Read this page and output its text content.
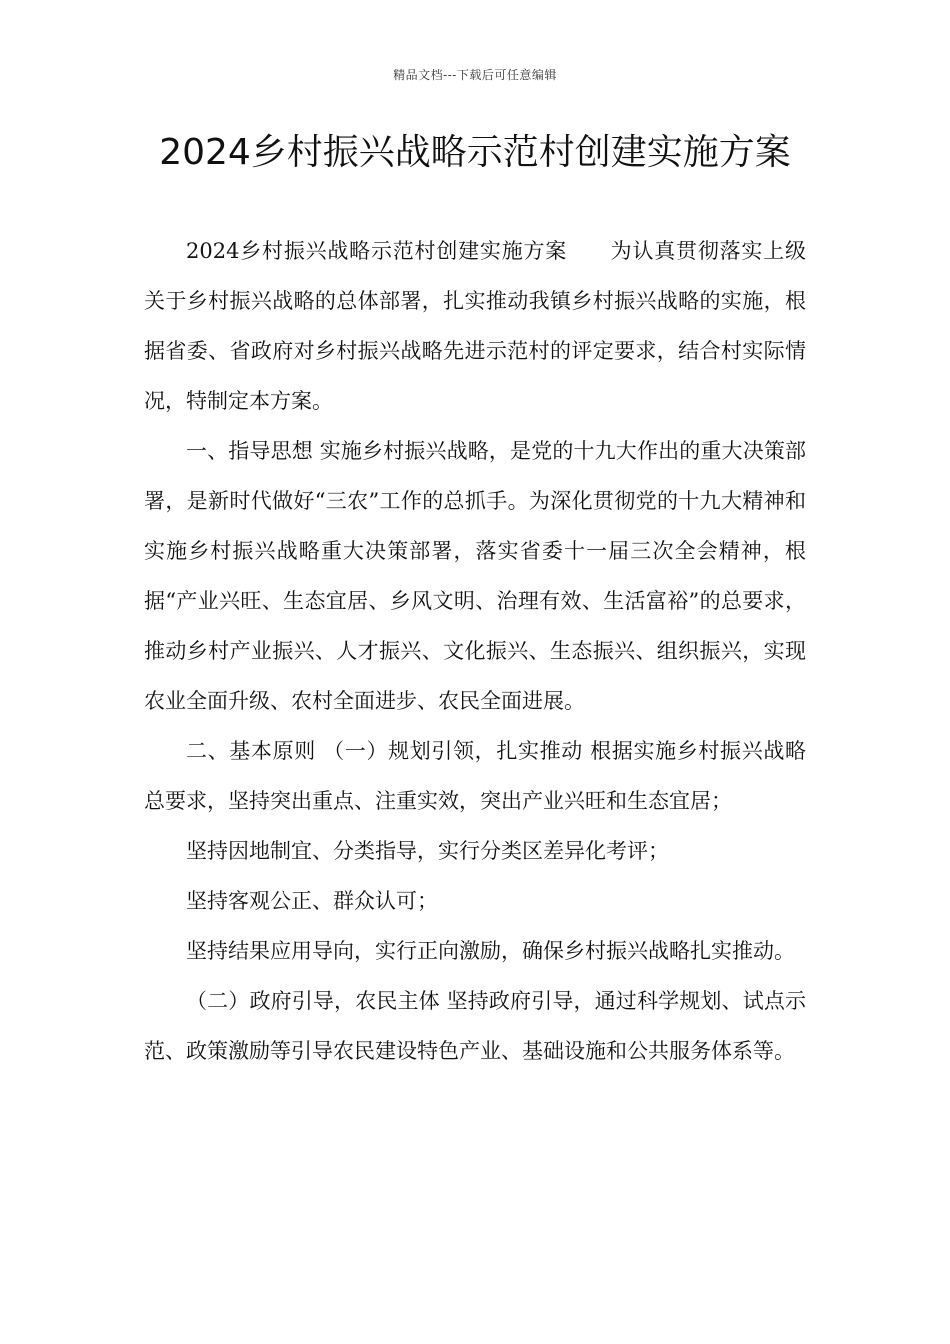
精品文档---下载后可任意编辑
2024乡村振兴战略示范村创建实施方案

2024乡村振兴战略示范村创建实施方案　　为认真贯彻落实上级关于乡村振兴战略的总体部署，扎实推动我镇乡村振兴战略的实施，根据省委、省政府对乡村振兴战略先进示范村的评定要求，结合村实际情况，特制定本方案。

一、指导思想 实施乡村振兴战略，是党的十九大作出的重大决策部署，是新时代做好“三农”工作的总抓手。为深化贯彻党的十九大精神和实施乡村振兴战略重大决策部署，落实省委十一届三次全会精神，根据“产业兴旺、生态宜居、乡风文明、治理有效、生活富裕”的总要求，推动乡村产业振兴、人才振兴、文化振兴、生态振兴、组织振兴，实现农业全面升级、农村全面进步、农民全面进展。

二、基本原则 （一）规划引领，扎实推动 根据实施乡村振兴战略总要求，坚持突出重点、注重实效，突出产业兴旺和生态宜居；

坚持因地制宜、分类指导，实行分类区差异化考评；

坚持客观公正、群众认可；

坚持结果应用导向，实行正向激励，确保乡村振兴战略扎实推动。

（二）政府引导，农民主体 坚持政府引导，通过科学规划、试点示范、政策激励等引导农民建设特色产业、基础设施和公共服务体系等。
